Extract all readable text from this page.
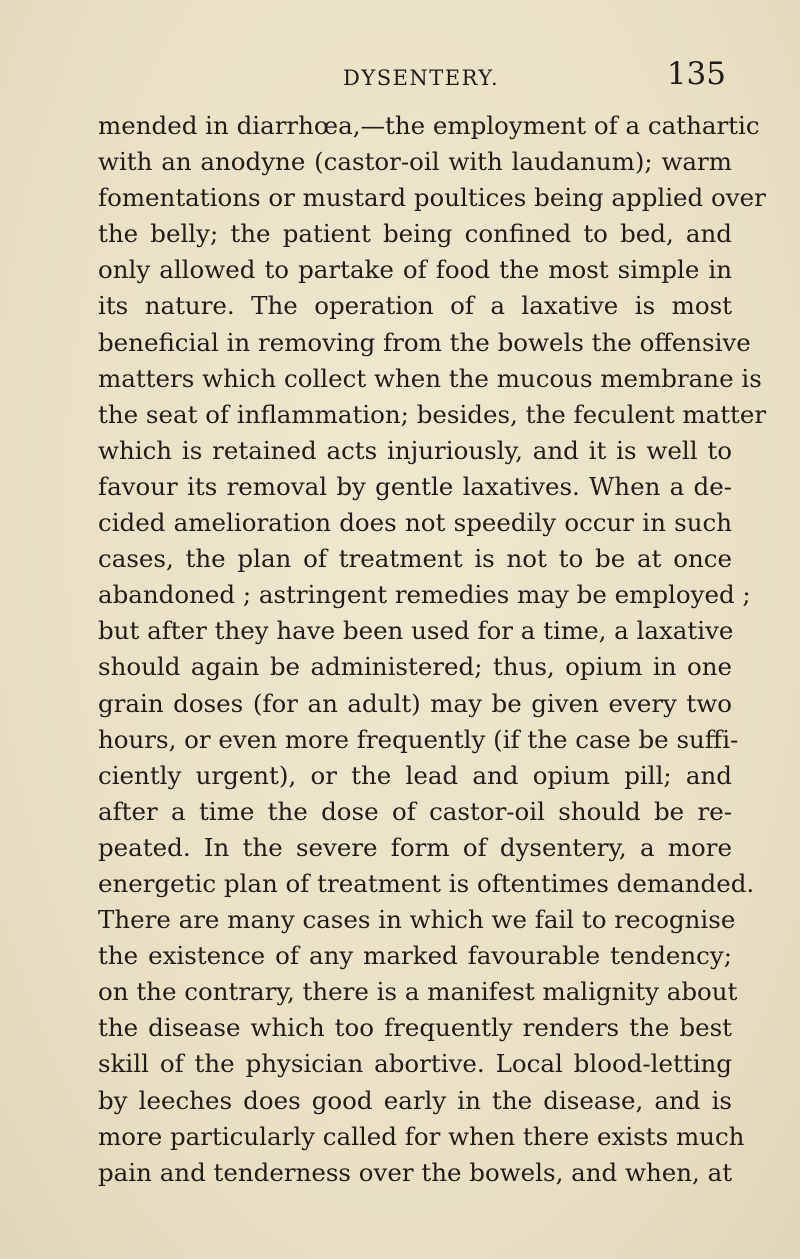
DYSENTERY.	135
mended in diarrhœa,—the employment of a cathartic
with an anodyne (castor-oil with laudanum); warm
fomentations or mustard poultices being applied over
the belly; the patient being confined to bed, and
only allowed to partake of food the most simple in
its nature. The operation of a laxative is most
beneficial in removing from the bowels the offensive
matters which collect when the mucous membrane is
the seat of inflammation; besides, the feculent matter
which is retained acts injuriously, and it is well to
favour its removal by gentle laxatives. When a de-
cided amelioration does not speedily occur in such
cases, the plan of treatment is not to be at once
abandoned ; astringent remedies may be employed ;
but after they have been used for a time, a laxative
should again be administered; thus, opium in one
grain doses (for an adult) may be given every two
hours, or even more frequently (if the case be suffi-
ciently urgent), or the lead and opium pill; and
after a time the dose of castor-oil should be re-
peated. In the severe form of dysentery, a more
energetic plan of treatment is oftentimes demanded.
There are many cases in which we fail to recognise
the existence of any marked favourable tendency;
on the contrary, there is a manifest malignity about
the disease which too frequently renders the best
skill of the physician abortive. Local blood-letting
by leeches does good early in the disease, and is
more particularly called for when there exists much
pain and tenderness over the bowels, and when, at
